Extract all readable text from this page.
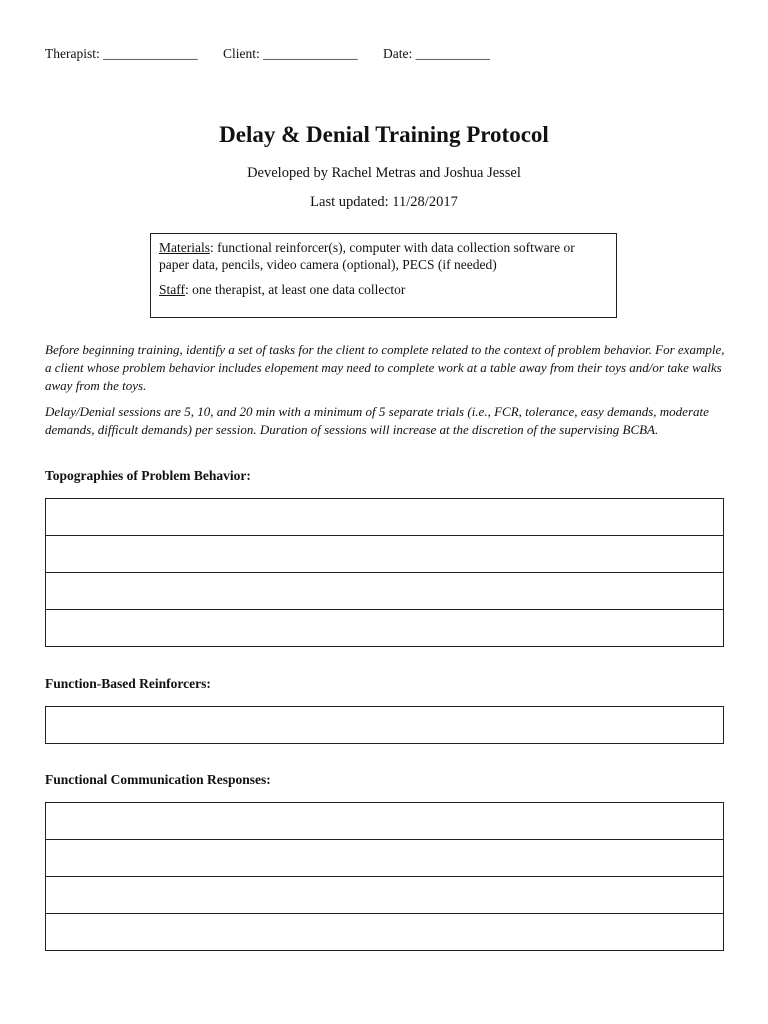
Therapist: ______________ Client: ______________ Date: ___________
Delay & Denial Training Protocol
Developed by Rachel Metras and Joshua Jessel
Last updated: 11/28/2017
Materials: functional reinforcer(s), computer with data collection software or paper data, pencils, video camera (optional), PECS (if needed)
Staff: one therapist, at least one data collector

Before beginning training, identify a set of tasks for the client to complete related to the context of problem behavior. For example, a client whose problem behavior includes elopement may need to complete work at a table away from their toys and/or take walks away from the toys.

Delay/Denial sessions are 5, 10, and 20 min with a minimum of 5 separate trials (i.e., FCR, tolerance, easy demands, moderate demands, difficult demands) per session. Duration of sessions will increase at the discretion of the supervising BCBA.

Topographies of Problem Behavior:

Function-Based Reinforcers:
Functional Communication Responses:
